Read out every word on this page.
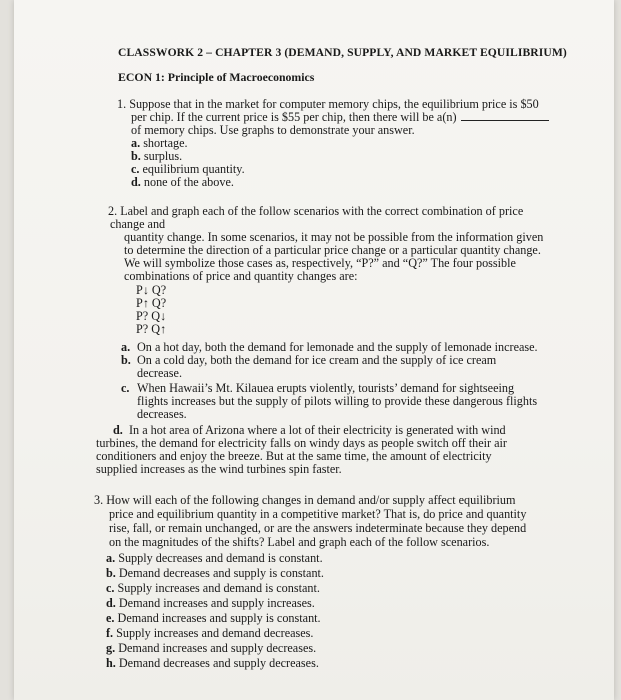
CLASSWORK 2 – CHAPTER 3 (DEMAND, SUPPLY, AND MARKET EQUILIBRIUM)
ECON 1: Principle of Macroeconomics
1. Suppose that in the market for computer memory chips, the equilibrium price is $50
per chip. If the current price is $55 per chip, then there will be a(n)
of memory chips. Use graphs to demonstrate your answer.
a. shortage.
b. surplus.
c. equilibrium quantity.
d. none of the above.
2. Label and graph each of the follow scenarios with the correct combination of price
change and
quantity change. In some scenarios, it may not be possible from the information given
to determine the direction of a particular price change or a particular quantity change.
We will symbolize those cases as, respectively, “P?” and “Q?” The four possible
combinations of price and quantity changes are:
P↓ Q?
P↑ Q?
P? Q↓
P? Q↑
a. On a hot day, both the demand for lemonade and the supply of lemonade increase.
b. On a cold day, both the demand for ice cream and the supply of ice cream
decrease.
c. When Hawaii’s Mt. Kilauea erupts violently, tourists’ demand for sightseeing
flights increases but the supply of pilots willing to provide these dangerous flights
decreases.
d. In a hot area of Arizona where a lot of their electricity is generated with wind
turbines, the demand for electricity falls on windy days as people switch off their air
conditioners and enjoy the breeze. But at the same time, the amount of electricity
supplied increases as the wind turbines spin faster.
3. How will each of the following changes in demand and/or supply affect equilibrium
price and equilibrium quantity in a competitive market? That is, do price and quantity
rise, fall, or remain unchanged, or are the answers indeterminate because they depend
on the magnitudes of the shifts? Label and graph each of the follow scenarios.
a. Supply decreases and demand is constant.
b. Demand decreases and supply is constant.
c. Supply increases and demand is constant.
d. Demand increases and supply increases.
e. Demand increases and supply is constant.
f. Supply increases and demand decreases.
g. Demand increases and supply decreases.
h. Demand decreases and supply decreases.
